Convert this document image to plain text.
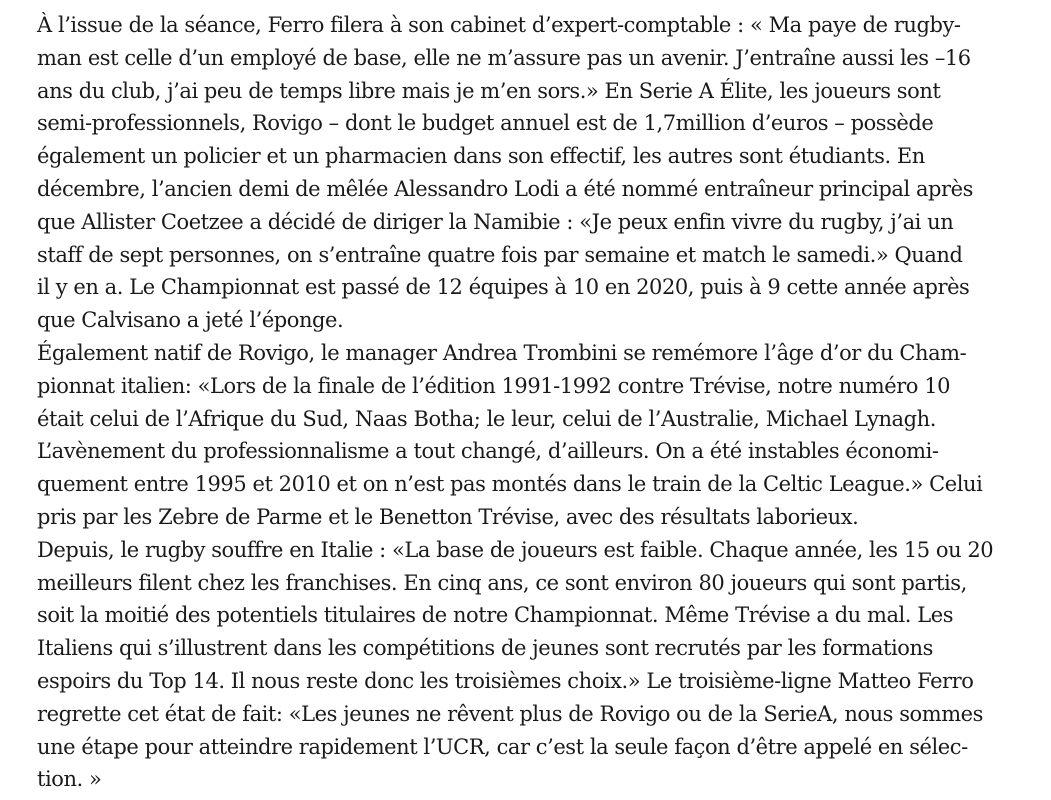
À l’issue de la séance, Ferro filera à son cabinet d’expert-comptable : « Ma paye de rugby-
man est celle d’un employé de base, elle ne m’assure pas un avenir. J’entraîne aussi les –16
ans du club, j’ai peu de temps libre mais je m’en sors.» En Serie A Élite, les joueurs sont
semi-professionnels, Rovigo – dont le budget annuel est de 1,7million d’euros – possède
également un policier et un pharmacien dans son effectif, les autres sont étudiants. En
décembre, l’ancien demi de mêlée Alessandro Lodi a été nommé entraîneur principal après
que Allister Coetzee a décidé de diriger la Namibie : «Je peux enfin vivre du rugby, j’ai un
staff de sept personnes, on s’entraîne quatre fois par semaine et match le samedi.» Quand
il y en a. Le Championnat est passé de 12 équipes à 10 en 2020, puis à 9 cette année après
que Calvisano a jeté l’éponge.

Également natif de Rovigo, le manager Andrea Trombini se remémore l’âge d’or du Cham-
pionnat italien: «Lors de la finale de l’édition 1991-1992 contre Trévise, notre numéro 10
était celui de l’Afrique du Sud, Naas Botha; le leur, celui de l’Australie, Michael Lynagh.
L’avènement du professionnalisme a tout changé, d’ailleurs. On a été instables économi-
quement entre 1995 et 2010 et on n’est pas montés dans le train de la Celtic League.» Celui
pris par les Zebre de Parme et le Benetton Trévise, avec des résultats laborieux.

Depuis, le rugby souffre en Italie : «La base de joueurs est faible. Chaque année, les 15 ou 20
meilleurs filent chez les franchises. En cinq ans, ce sont environ 80 joueurs qui sont partis,
soit la moitié des potentiels titulaires de notre Championnat. Même Trévise a du mal. Les
Italiens qui s’illustrent dans les compétitions de jeunes sont recrutés par les formations
espoirs du Top 14. Il nous reste donc les troisièmes choix.» Le troisième-ligne Matteo Ferro
regrette cet état de fait: «Les jeunes ne rêvent plus de Rovigo ou de la SerieA, nous sommes
une étape pour atteindre rapidement l’UCR, car c’est la seule façon d’être appelé en sélec-
tion. »
